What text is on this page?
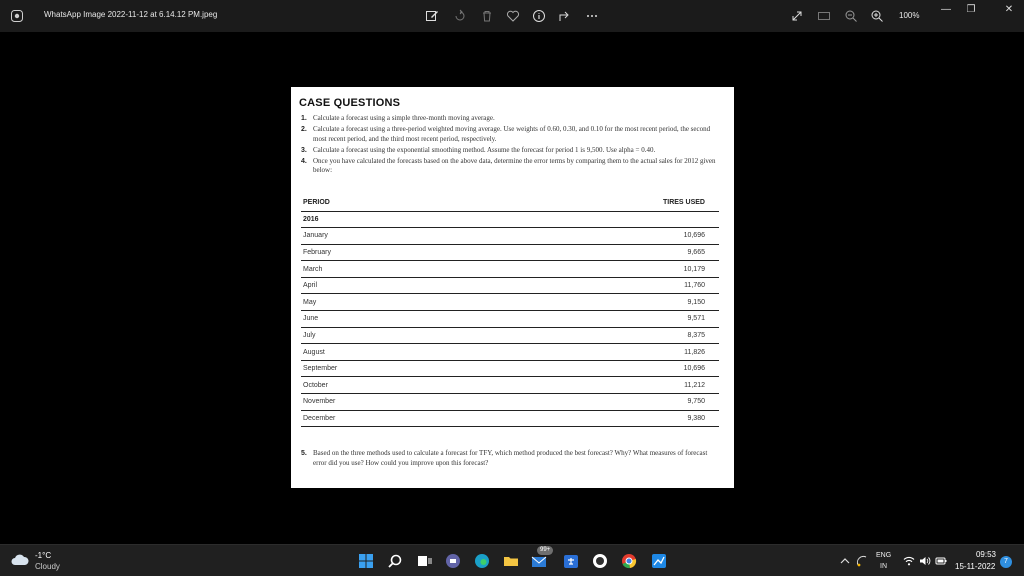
WhatsApp Image 2022-11-12 at 6.14.12 PM.jpeg	100%
—	❐	✕
CASE QUESTIONS
1. Calculate a forecast using a simple three-month moving average.
2. Calculate a forecast using a three-period weighted moving average. Use weights of 0.60, 0.30, and 0.10 for the most recent period, the second most recent period, and the third most recent period, respectively.
3. Calculate a forecast using the exponential smoothing method. Assume the forecast for period 1 is 9,500. Use alpha = 0.40.
4. Once you have calculated the forecasts based on the above data, determine the error terms by comparing them to the actual sales for 2012 given below:
PERIOD	TIRES USED
2016	
January	10,696
February	9,665
March	10,179
April	11,760
May	9,150
June	9,571
July	8,375
August	11,826
September	10,696
October	11,212
November	9,750
December	9,380
5. Based on the three methods used to calculate a forecast for TFY, which method produced the best forecast? Why? What measures of forecast error did you use? How could you improve upon this forecast?
-1°C
Cloudy
99+
ENG
IN
09:53
15-11-2022
7
